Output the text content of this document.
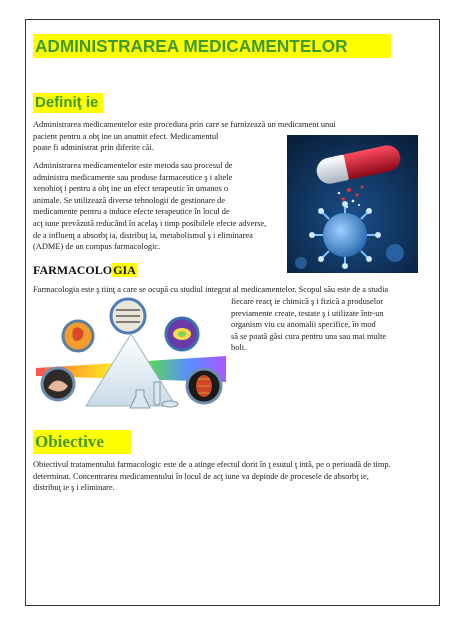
ADMINISTRAREA MEDICAMENTELOR
Definiţ ie
Administrarea medicamentelor este procedura prin care se furnizează un medicament unui
pacient pentru a obţ ine un anumit efect. Medicamentul
poate fi administrat prin diferite căi.
Administrarea medicamentelor este metoda sau procesul de
administra medicamente sau produse farmaceutice ş i altele
xenobioţ i pentru a obţ ine un efect terapeutic în umanos o
animale. Se utilizează diverse tehnologii de gestionare de
medicamente pentru a induce efecte terapeutice în locul de
acţ iune prevăzută reducând în acelaş i timp posibilele efecte adverse,
de a influenţ a absorbţ ia, distribuţ ia, metabolismul ş i eliminarea
(ADME) de un compus farmacologic.
FARMACOLOGIA
Farmacologia este ş tiinţ a care se ocupă cu studiul integrat al medicamentelor. Scopul său este de a studia
fiecare reacţ ie chimică ş i fizică a produselor
previamente create, testate ş i utilizate într-un
organism viu cu anomalii specifice, în mod
să se poată găsi cura pentru una sau mai multe
boli.
Obiective
Obiectivul tratamentului farmacologic este de a atinge efectul dorit în ţ esutul ţ intă, pe o perioadă de timp.
determinat. Concentrarea medicamentului în locul de acţ iune va depinde de procesele de absorbţ ie,
distribuţ ie ş i eliminare.
